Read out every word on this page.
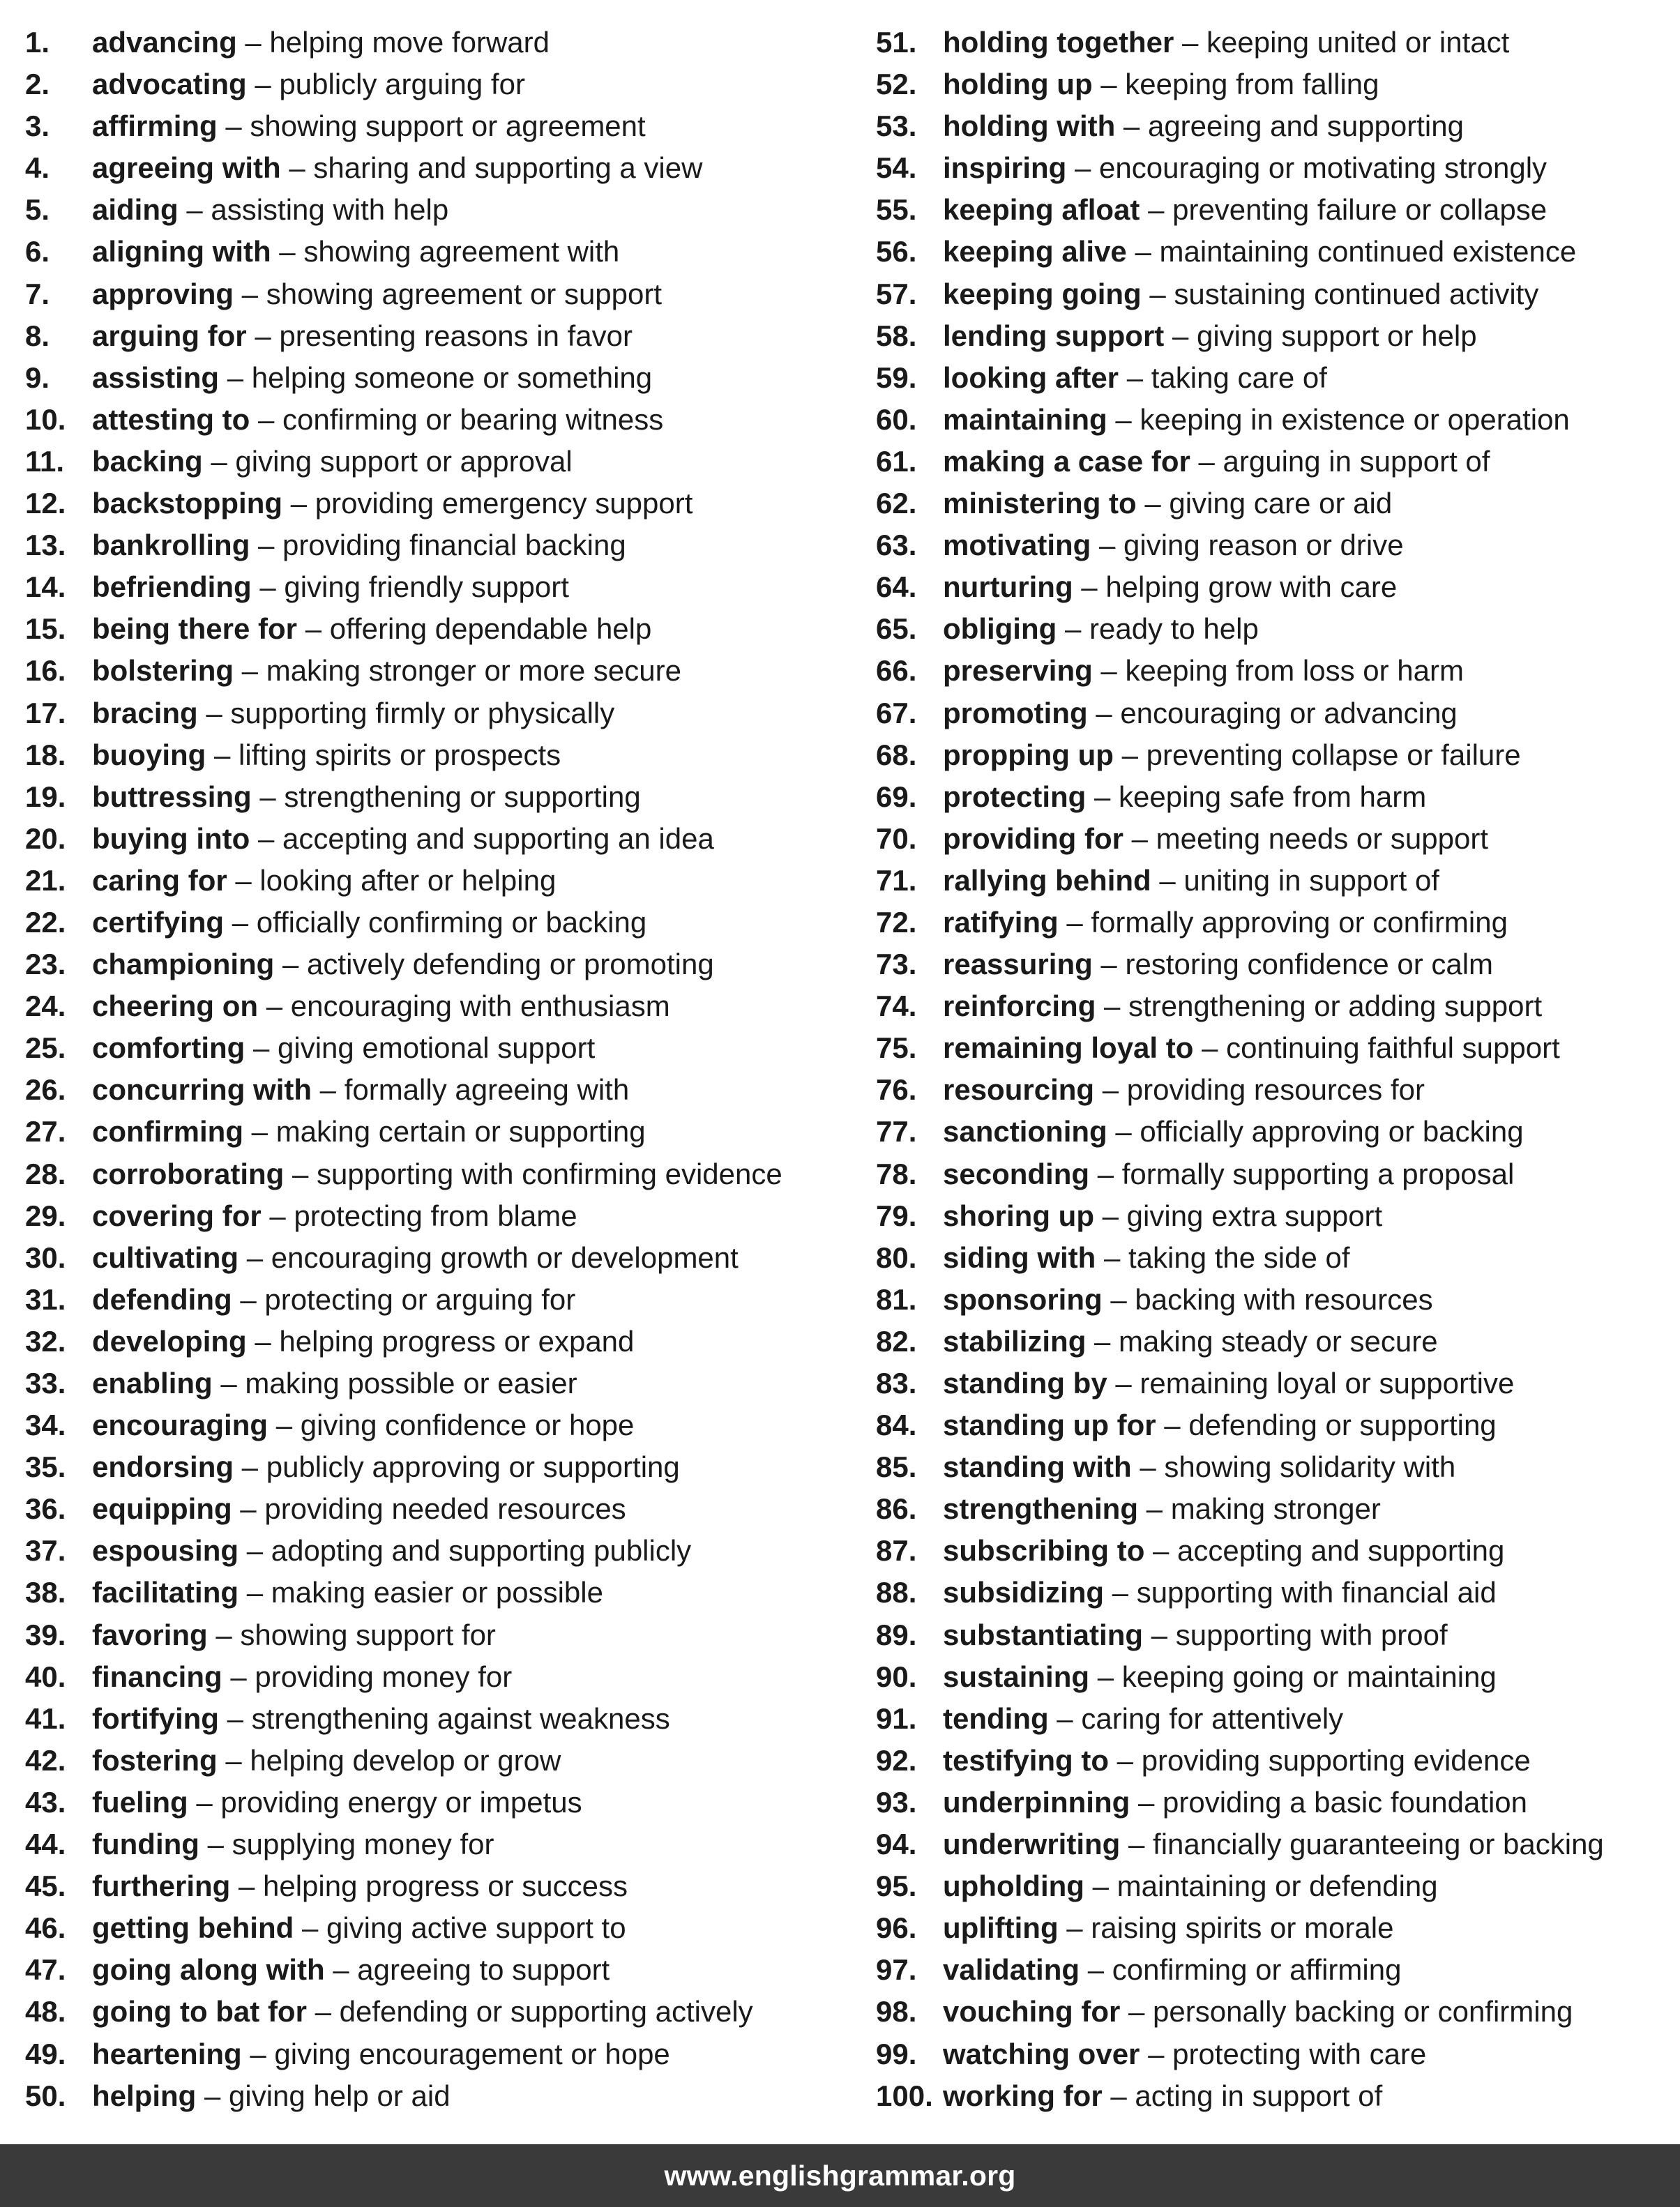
1. advancing – helping move forward
2. advocating – publicly arguing for
3. affirming – showing support or agreement
4. agreeing with – sharing and supporting a view
5. aiding – assisting with help
6. aligning with – showing agreement with
7. approving – showing agreement or support
8. arguing for – presenting reasons in favor
9. assisting – helping someone or something
10. attesting to – confirming or bearing witness
11. backing – giving support or approval
12. backstopping – providing emergency support
13. bankrolling – providing financial backing
14. befriending – giving friendly support
15. being there for – offering dependable help
16. bolstering – making stronger or more secure
17. bracing – supporting firmly or physically
18. buoying – lifting spirits or prospects
19. buttressing – strengthening or supporting
20. buying into – accepting and supporting an idea
21. caring for – looking after or helping
22. certifying – officially confirming or backing
23. championing – actively defending or promoting
24. cheering on – encouraging with enthusiasm
25. comforting – giving emotional support
26. concurring with – formally agreeing with
27. confirming – making certain or supporting
28. corroborating – supporting with confirming evidence
29. covering for – protecting from blame
30. cultivating – encouraging growth or development
31. defending – protecting or arguing for
32. developing – helping progress or expand
33. enabling – making possible or easier
34. encouraging – giving confidence or hope
35. endorsing – publicly approving or supporting
36. equipping – providing needed resources
37. espousing – adopting and supporting publicly
38. facilitating – making easier or possible
39. favoring – showing support for
40. financing – providing money for
41. fortifying – strengthening against weakness
42. fostering – helping develop or grow
43. fueling – providing energy or impetus
44. funding – supplying money for
45. furthering – helping progress or success
46. getting behind – giving active support to
47. going along with – agreeing to support
48. going to bat for – defending or supporting actively
49. heartening – giving encouragement or hope
50. helping – giving help or aid
51. holding together – keeping united or intact
52. holding up – keeping from falling
53. holding with – agreeing and supporting
54. inspiring – encouraging or motivating strongly
55. keeping afloat – preventing failure or collapse
56. keeping alive – maintaining continued existence
57. keeping going – sustaining continued activity
58. lending support – giving support or help
59. looking after – taking care of
60. maintaining – keeping in existence or operation
61. making a case for – arguing in support of
62. ministering to – giving care or aid
63. motivating – giving reason or drive
64. nurturing – helping grow with care
65. obliging – ready to help
66. preserving – keeping from loss or harm
67. promoting – encouraging or advancing
68. propping up – preventing collapse or failure
69. protecting – keeping safe from harm
70. providing for – meeting needs or support
71. rallying behind – uniting in support of
72. ratifying – formally approving or confirming
73. reassuring – restoring confidence or calm
74. reinforcing – strengthening or adding support
75. remaining loyal to – continuing faithful support
76. resourcing – providing resources for
77. sanctioning – officially approving or backing
78. seconding – formally supporting a proposal
79. shoring up – giving extra support
80. siding with – taking the side of
81. sponsoring – backing with resources
82. stabilizing – making steady or secure
83. standing by – remaining loyal or supportive
84. standing up for – defending or supporting
85. standing with – showing solidarity with
86. strengthening – making stronger
87. subscribing to – accepting and supporting
88. subsidizing – supporting with financial aid
89. substantiating – supporting with proof
90. sustaining – keeping going or maintaining
91. tending – caring for attentively
92. testifying to – providing supporting evidence
93. underpinning – providing a basic foundation
94. underwriting – financially guaranteeing or backing
95. upholding – maintaining or defending
96. uplifting – raising spirits or morale
97. validating – confirming or affirming
98. vouching for – personally backing or confirming
99. watching over – protecting with care
100. working for – acting in support of
www.englishgrammar.org
